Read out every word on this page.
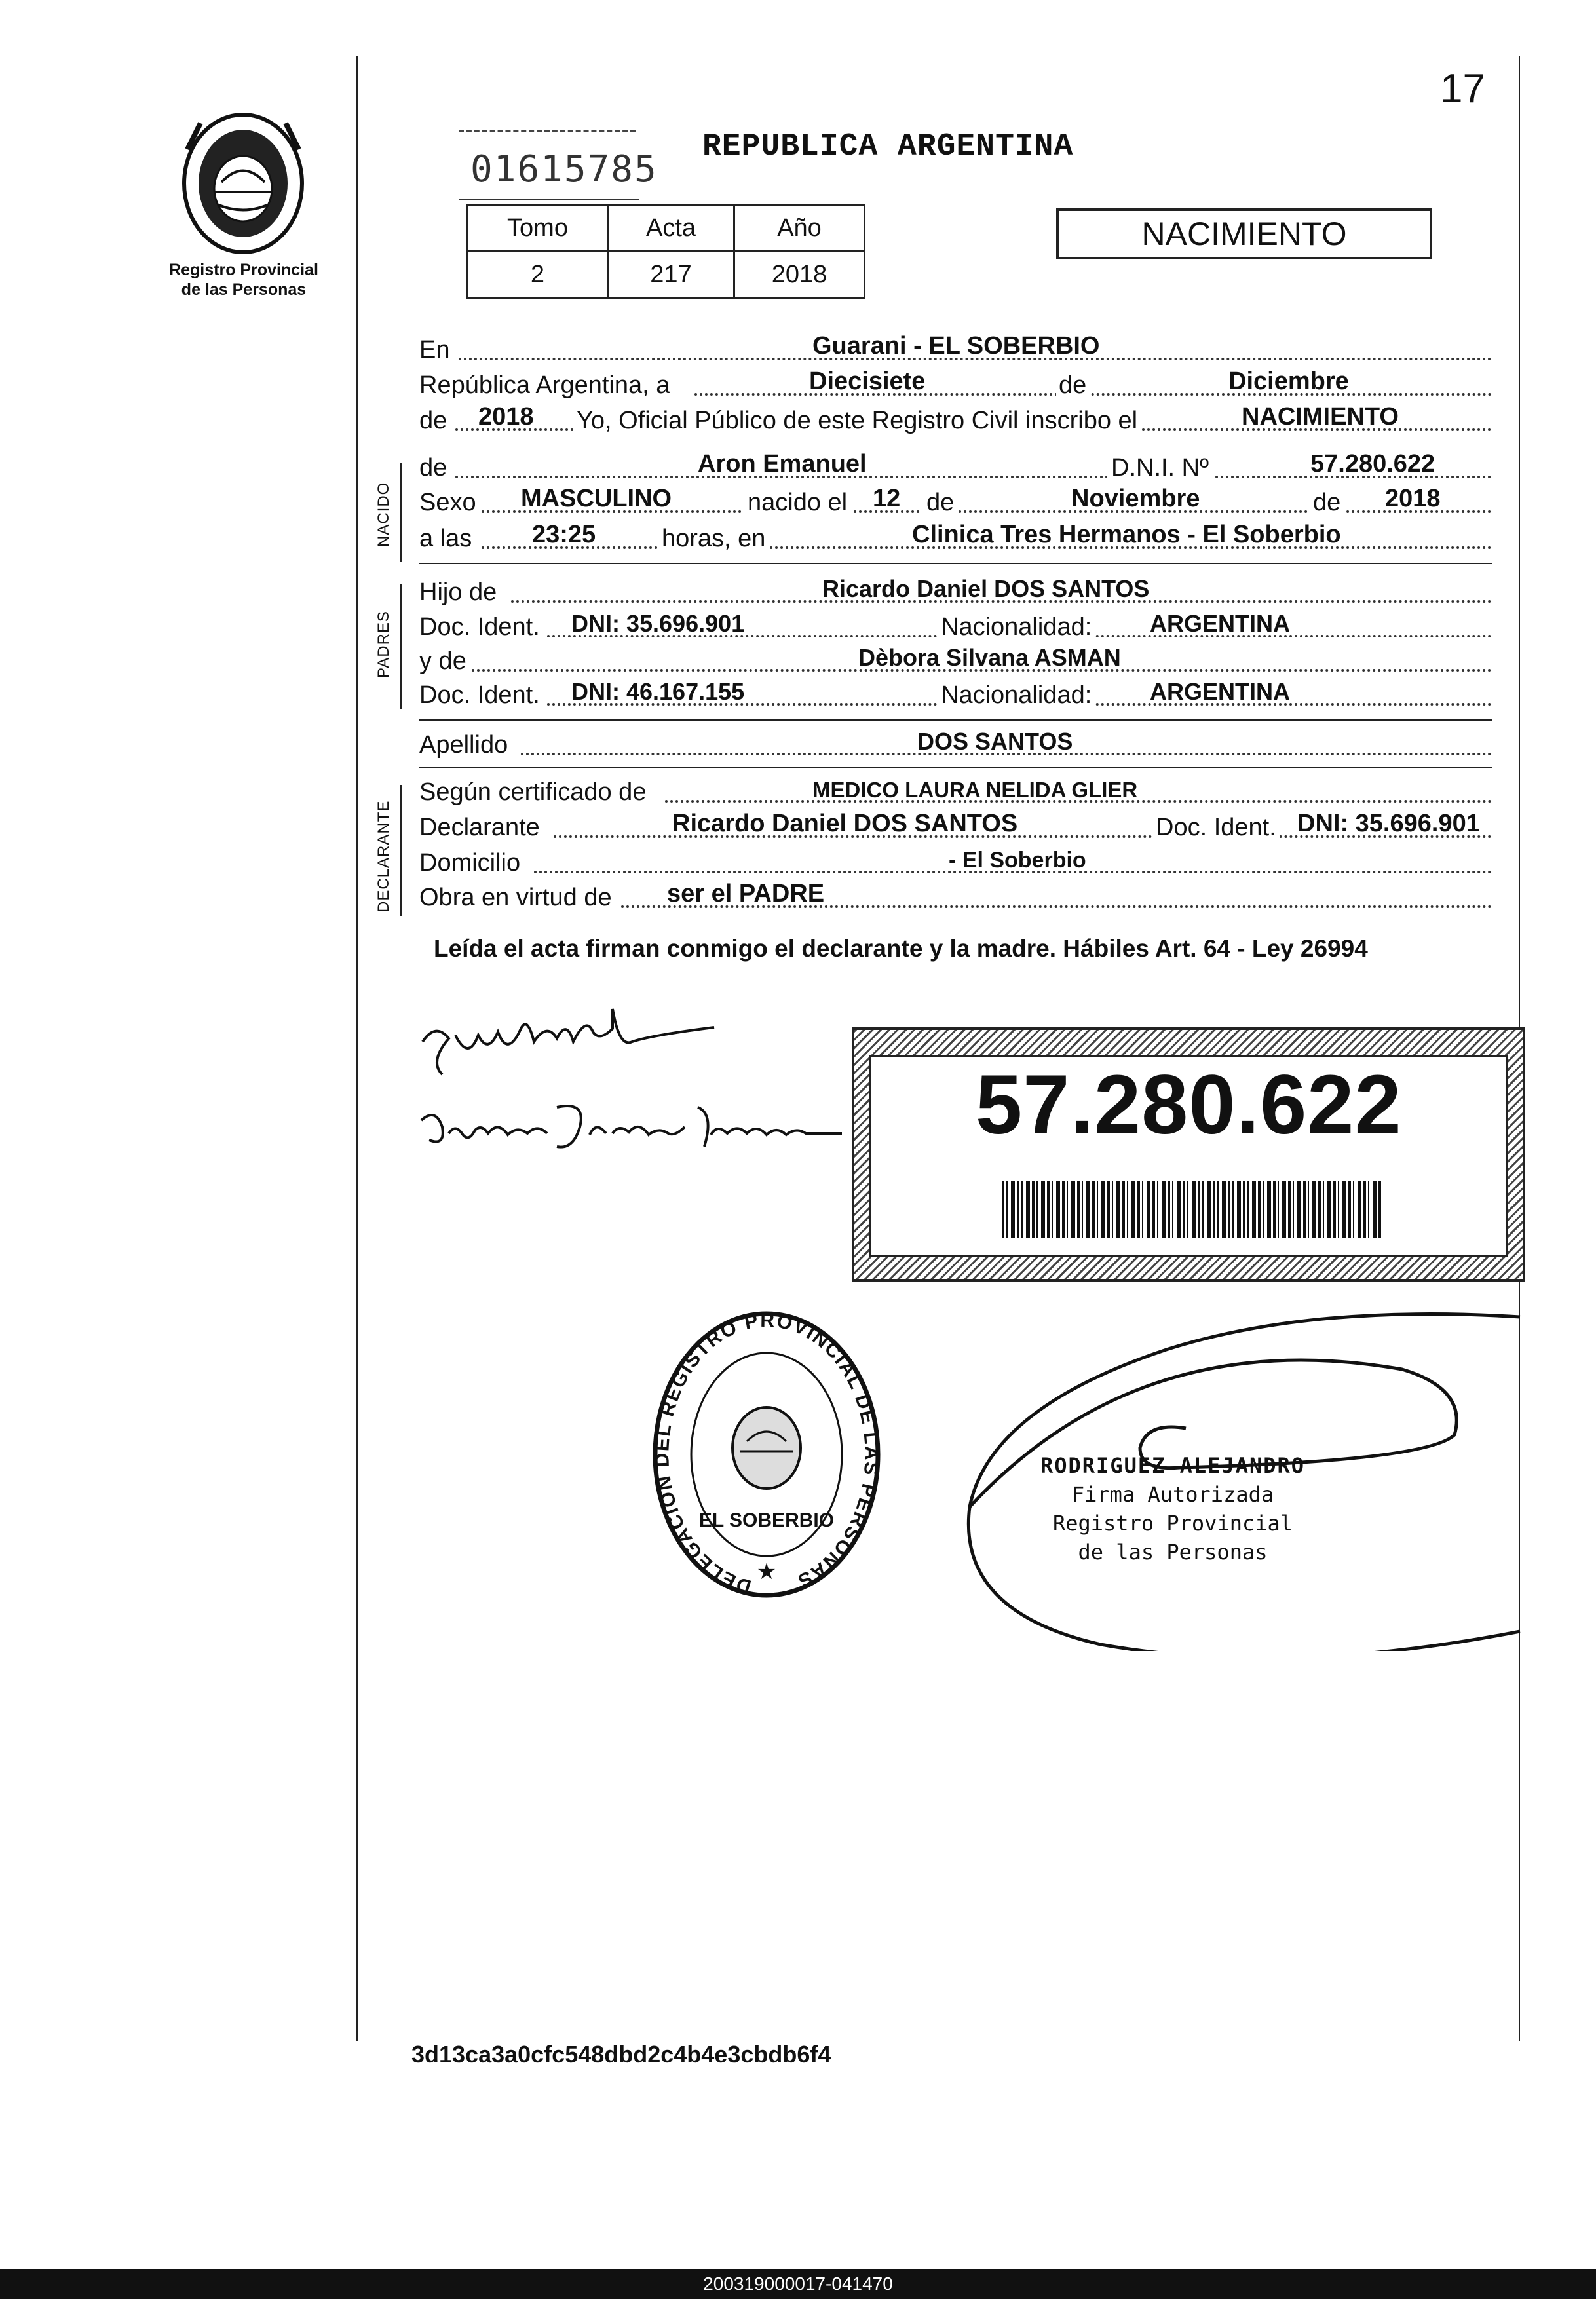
17
Registro Provincial
de las Personas
01615785
REPUBLICA ARGENTINA
Tomo	Acta	Año
2	217	2018
NACIMIENTO
En	Guarani - EL SOBERBIO
República Argentina, a	Diecisiete	de	Diciembre
de 2018 Yo, Oficial Público de este Registro Civil inscribo el	NACIMIENTO
NACIDO
de	Aron Emanuel	D.N.I. Nº	57.280.622
Sexo MASCULINO	nacido el 12 de	Noviembre	de 2018
a las 23:25	horas, en	Clinica Tres Hermanos - El Soberbio
PADRES
Hijo de	Ricardo Daniel DOS SANTOS
Doc. Ident. DNI: 35.696.901	Nacionalidad: ARGENTINA
y de	Dèbora Silvana ASMAN
Doc. Ident. DNI: 46.167.155	Nacionalidad: ARGENTINA
Apellido	DOS SANTOS
DECLARANTE
Según certificado de	MEDICO LAURA NELIDA GLIER
Declarante	Ricardo Daniel DOS SANTOS	Doc. Ident. DNI: 35.696.901
Domicilio	- El Soberbio
Obra en virtud de ser el PADRE
Leída el acta firman conmigo el declarante y la madre. Hábiles Art. 64 - Ley 26994
57.280.622
DELEGACION DEL REGISTRO PROVINCIAL DE LAS PERSONAS
EL SOBERBIO
★
RODRIGUEZ ALEJANDRO
Firma Autorizada
Registro Provincial
de las Personas
3d13ca3a0cfc548dbd2c4b4e3cbdb6f4
200319000017-041470
